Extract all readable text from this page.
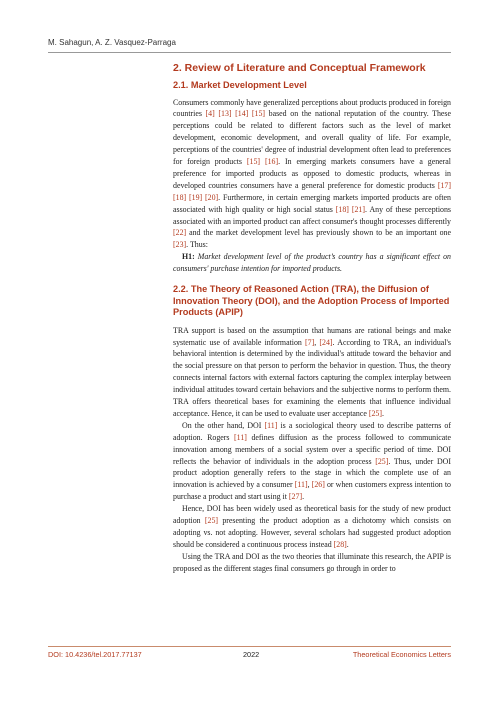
M. Sahagun, A. Z. Vasquez-Parraga
2. Review of Literature and Conceptual Framework
2.1. Market Development Level

Consumers commonly have generalized perceptions about products produced in foreign countries [4] [13] [14] [15] based on the national reputation of the country. These perceptions could be related to different factors such as the level of market development, economic development, and overall quality of life. For example, perceptions of the countries' degree of industrial development often lead to preferences for foreign products [15] [16]. In emerging markets consumers have a general preference for imported products as opposed to domestic products, whereas in developed countries consumers have a general preference for domestic products [17] [18] [19] [20]. Furthermore, in certain emerging markets imported products are often associated with high quality or high social status [18] [21]. Any of these perceptions associated with an imported product can affect consumer's thought processes differently [22] and the market development level has previously shown to be an important one [23]. Thus:

H1: Market development level of the product’s country has a significant effect on consumers' purchase intention for imported products.

2.2. The Theory of Reasoned Action (TRA), the Diffusion of Innovation Theory (DOI), and the Adoption Process of Imported Products (APIP)

TRA support is based on the assumption that humans are rational beings and make systematic use of available information [7], [24]. According to TRA, an individual's behavioral intention is determined by the individual's attitude toward the behavior and the social pressure on that person to perform the behavior in question. Thus, the theory connects internal factors with external factors capturing the complex interplay between individual attitudes toward certain behaviors and the subjective norms to perform them. TRA offers theoretical bases for examining the elements that influence individual acceptance. Hence, it can be used to evaluate user acceptance [25].

On the other hand, DOI [11] is a sociological theory used to describe patterns of adoption. Rogers [11] defines diffusion as the process followed to communicate innovation among members of a social system over a specific period of time. DOI reflects the behavior of individuals in the adoption process [25]. Thus, under DOI product adoption generally refers to the stage in which the complete use of an innovation is achieved by a consumer [11], [26] or when customers express intention to purchase a product and start using it [27].

Hence, DOI has been widely used as theoretical basis for the study of new product adoption [25] presenting the product adoption as a dichotomy which consists on adopting vs. not adopting. However, several scholars had suggested product adoption should be considered a continuous process instead [28].

Using the TRA and DOI as the two theories that illuminate this research, the APIP is proposed as the different stages final consumers go through in order to

DOI: 10.4236/tel.2017.77137	2022	Theoretical Economics Letters
